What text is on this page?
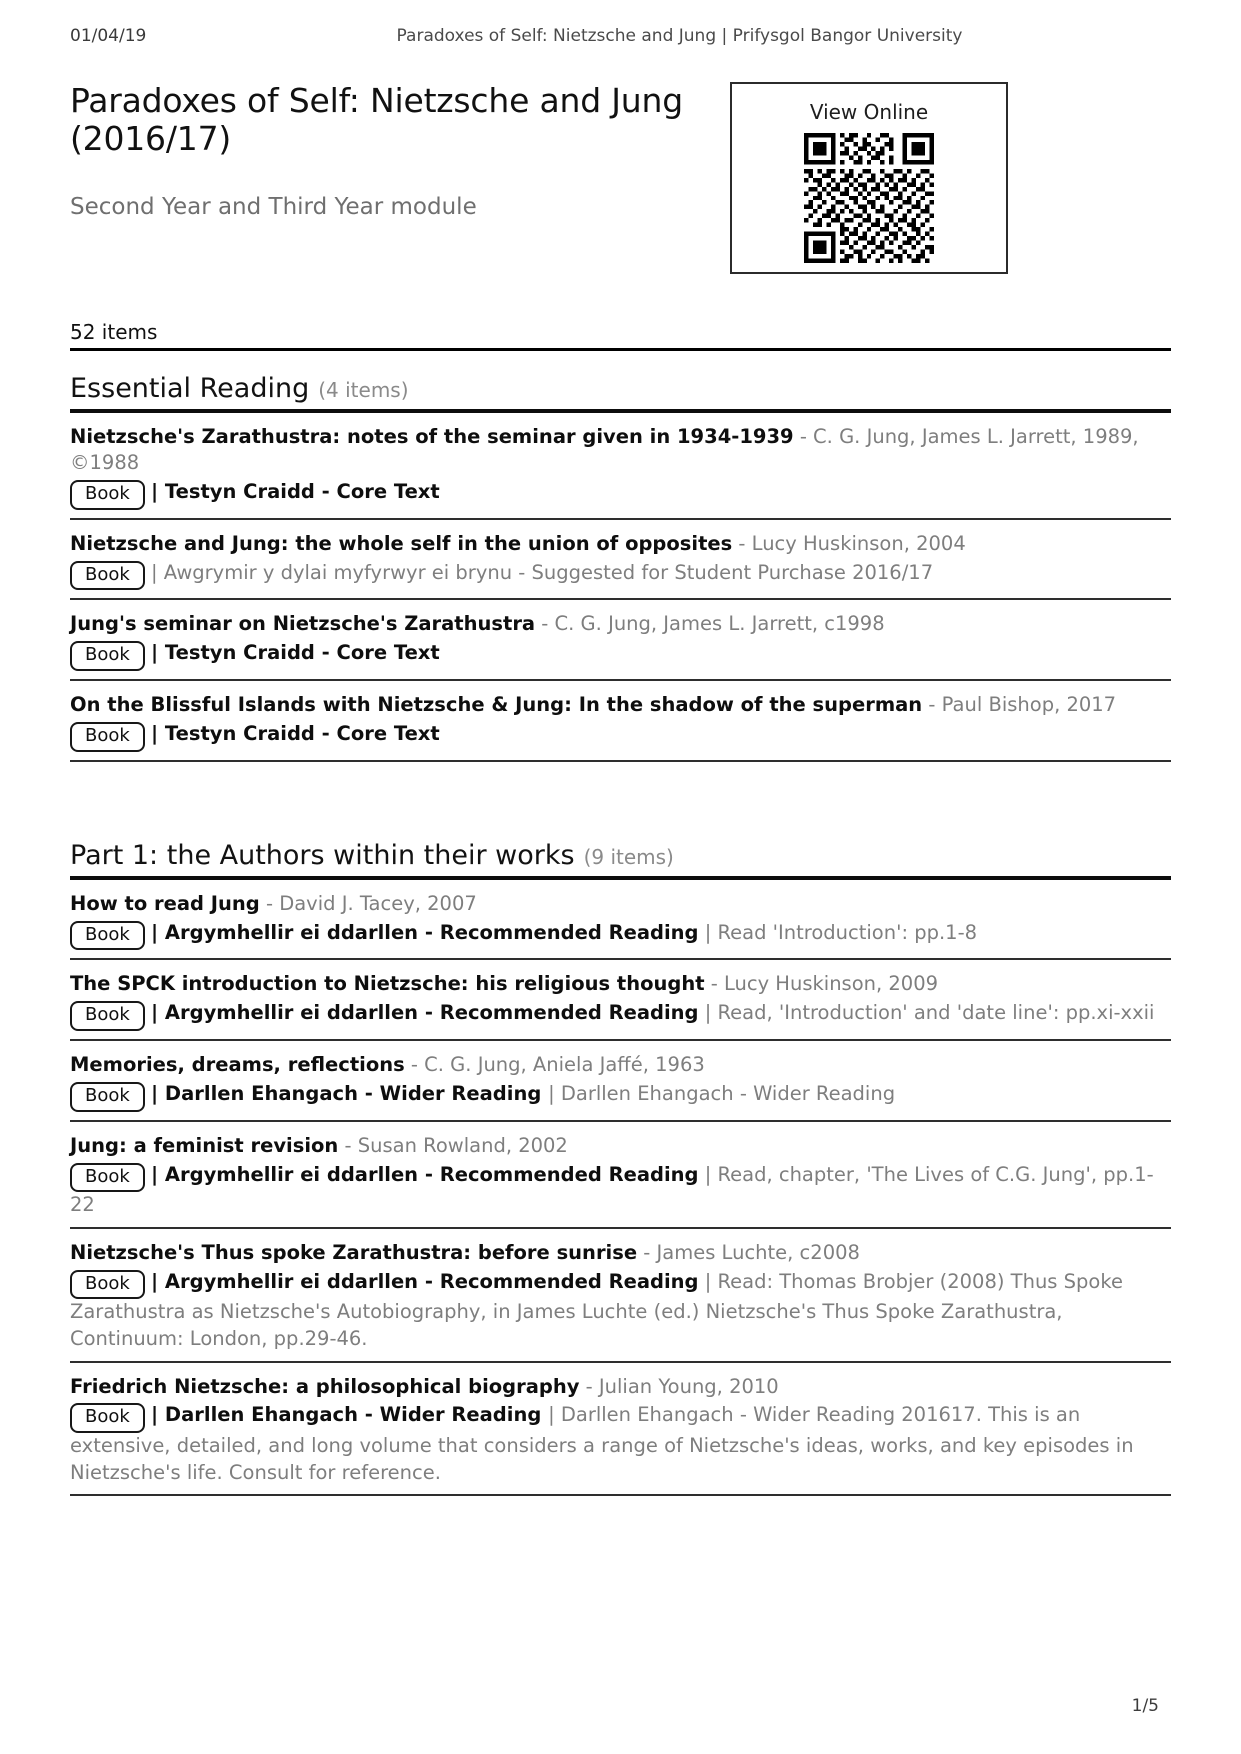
01/04/19	Paradoxes of Self: Nietzsche and Jung | Prifysgol Bangor University
Paradoxes of Self: Nietzsche and Jung (2016/17)
Second Year and Third Year module
View Online
52 items
Essential Reading (4 items)
Nietzsche's Zarathustra: notes of the seminar given in 1934-1939 - C. G. Jung, James L. Jarrett, 1989, ©1988
Book | Testyn Craidd - Core Text
Nietzsche and Jung: the whole self in the union of opposites - Lucy Huskinson, 2004
Book | Awgrymir y dylai myfyrwyr ei brynu - Suggested for Student Purchase 2016/17
Jung's seminar on Nietzsche's Zarathustra - C. G. Jung, James L. Jarrett, c1998
Book | Testyn Craidd - Core Text
On the Blissful Islands with Nietzsche & Jung: In the shadow of the superman - Paul Bishop, 2017
Book | Testyn Craidd - Core Text
Part 1: the Authors within their works (9 items)
How to read Jung - David J. Tacey, 2007
Book | Argymhellir ei ddarllen - Recommended Reading | Read 'Introduction': pp.1-8
The SPCK introduction to Nietzsche: his religious thought - Lucy Huskinson, 2009
Book | Argymhellir ei ddarllen - Recommended Reading | Read, 'Introduction' and 'date line': pp.xi-xxii
Memories, dreams, reflections - C. G. Jung, Aniela Jaffé, 1963
Book | Darllen Ehangach - Wider Reading | Darllen Ehangach - Wider Reading
Jung: a feminist revision - Susan Rowland, 2002
Book | Argymhellir ei ddarllen - Recommended Reading | Read, chapter, 'The Lives of C.G. Jung', pp.1-22
Nietzsche's Thus spoke Zarathustra: before sunrise - James Luchte, c2008
Book | Argymhellir ei ddarllen - Recommended Reading | Read: Thomas Brobjer (2008) Thus Spoke Zarathustra as Nietzsche's Autobiography, in James Luchte (ed.) Nietzsche's Thus Spoke Zarathustra, Continuum: London, pp.29-46.
Friedrich Nietzsche: a philosophical biography - Julian Young, 2010
Book | Darllen Ehangach - Wider Reading | Darllen Ehangach - Wider Reading 201617. This is an extensive, detailed, and long volume that considers a range of Nietzsche's ideas, works, and key episodes in Nietzsche's life. Consult for reference.
1/5
